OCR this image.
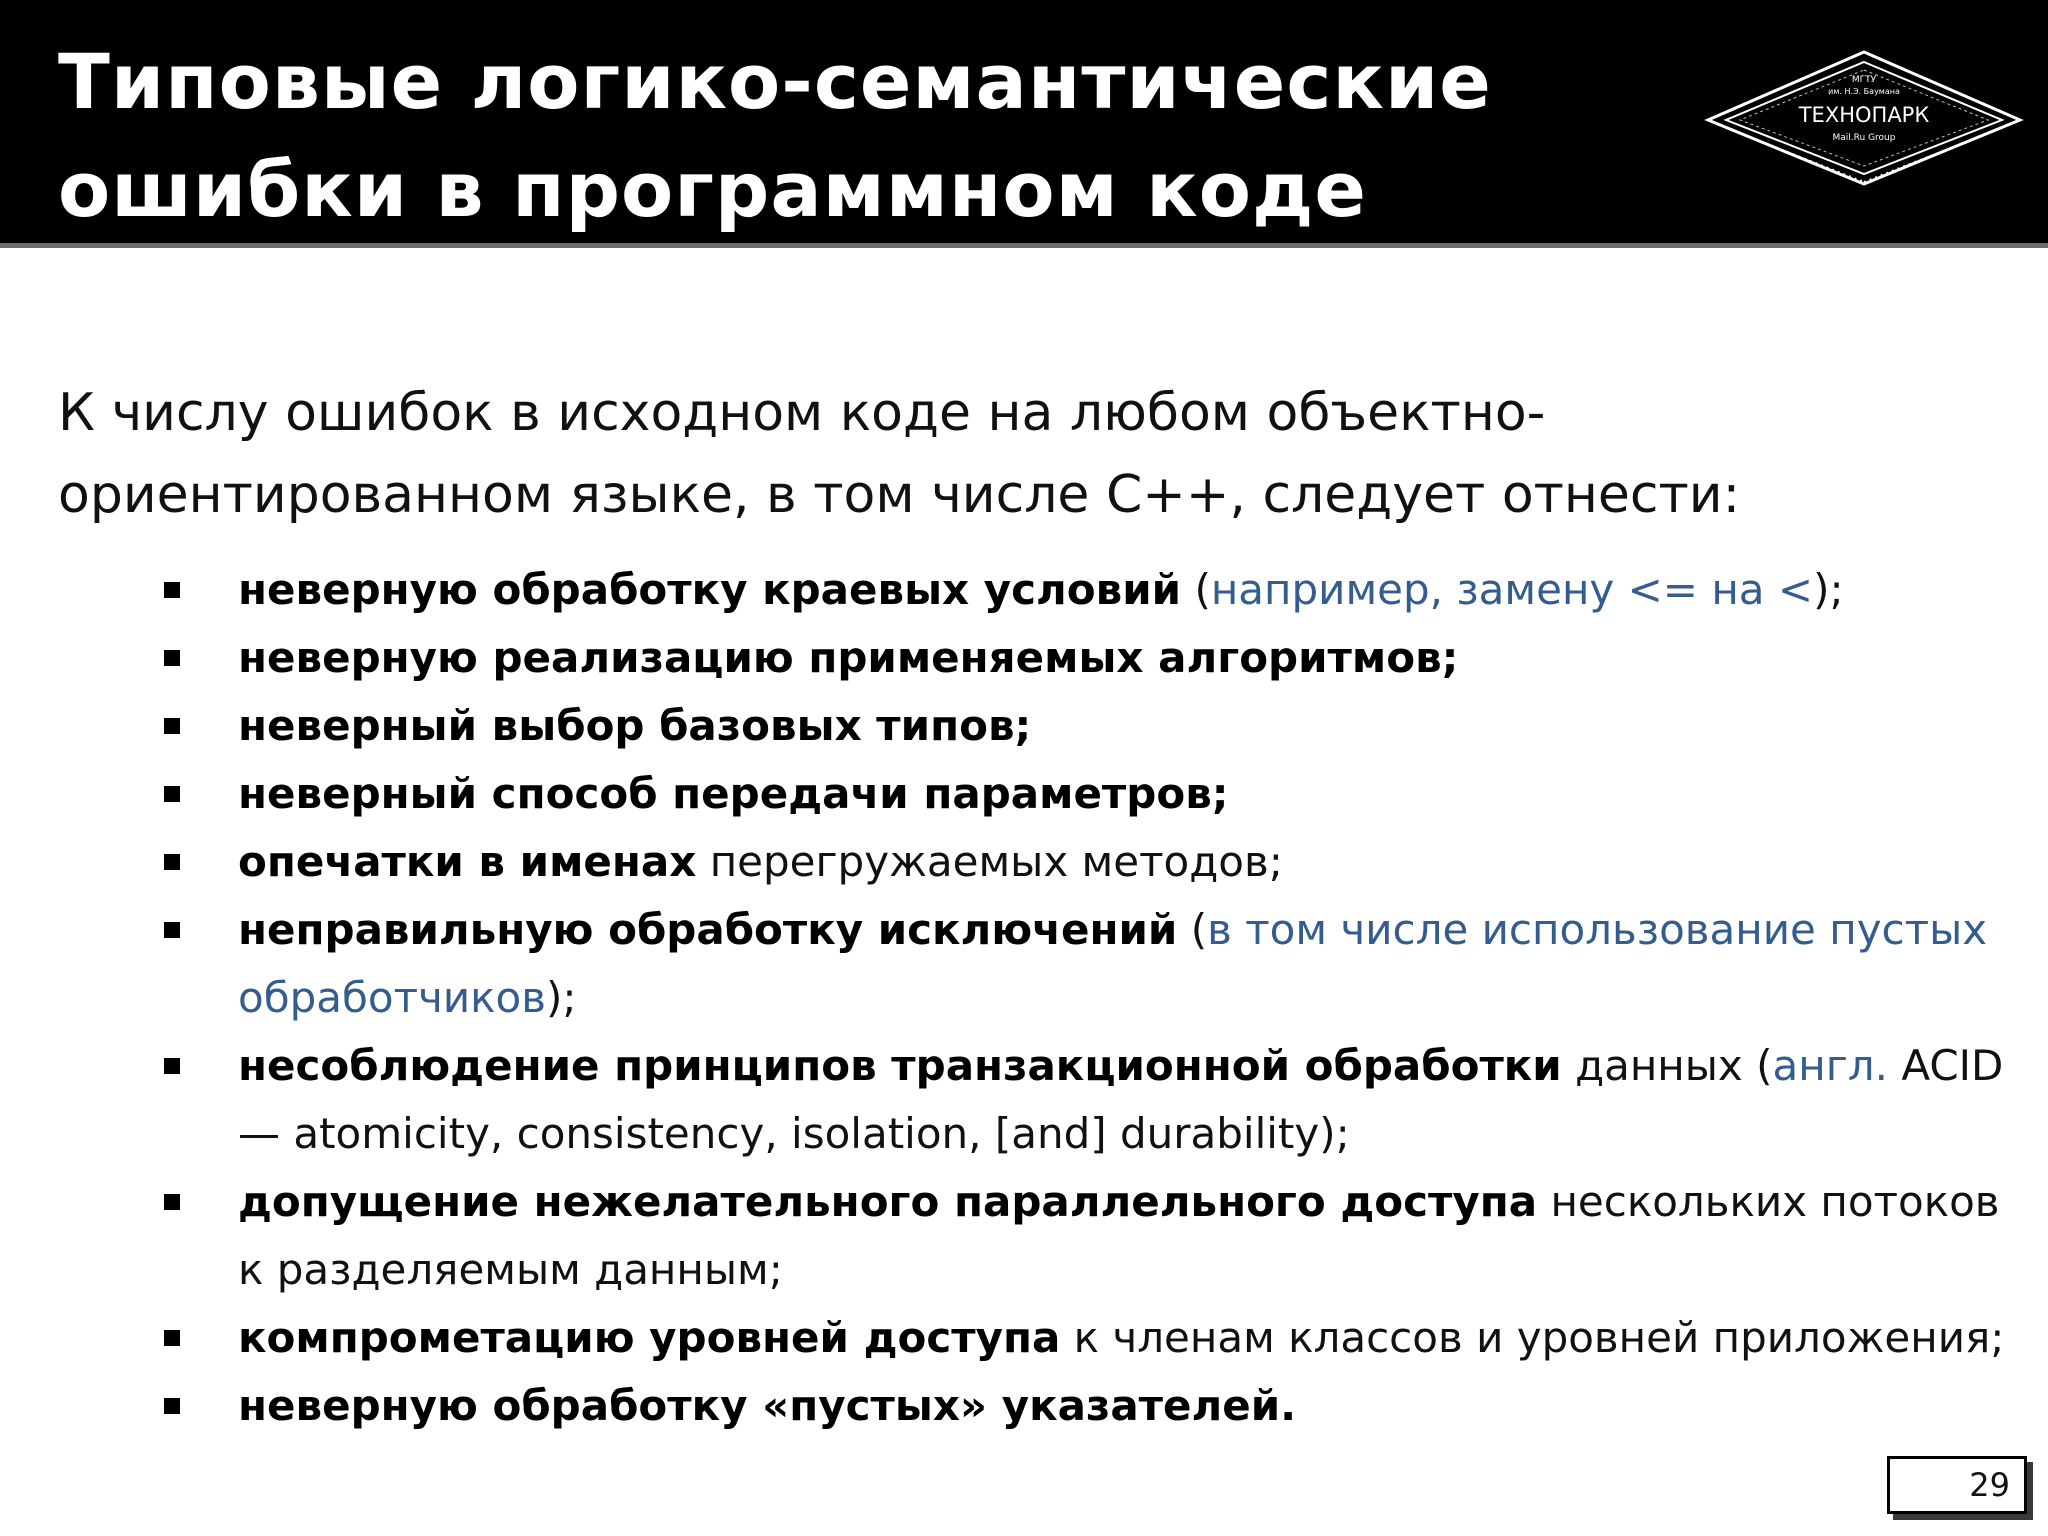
Типовые логико-семантические
ошибки в программном коде
МГТУ
им. Н.Э. Баумана
ТЕХНОПАРК
Mail.Ru Group

К числу ошибок в исходном коде на любом объектно-
ориентированном языке, в том числе C++, следует отнести:

неверную обработку краевых условий (например, замену <= на <);
неверную реализацию применяемых алгоритмов;
неверный выбор базовых типов;
неверный способ передачи параметров;
опечатки в именах перегружаемых методов;
неправильную обработку исключений (в том числе использование пустых обработчиков);
несоблюдение принципов транзакционной обработки данных (англ. ACID — atomicity, consistency, isolation, [and] durability);
допущение нежелательного параллельного доступа нескольких потоков к разделяемым данным;
компрометацию уровней доступа к членам классов и уровней приложения;
неверную обработку «пустых» указателей.
29
